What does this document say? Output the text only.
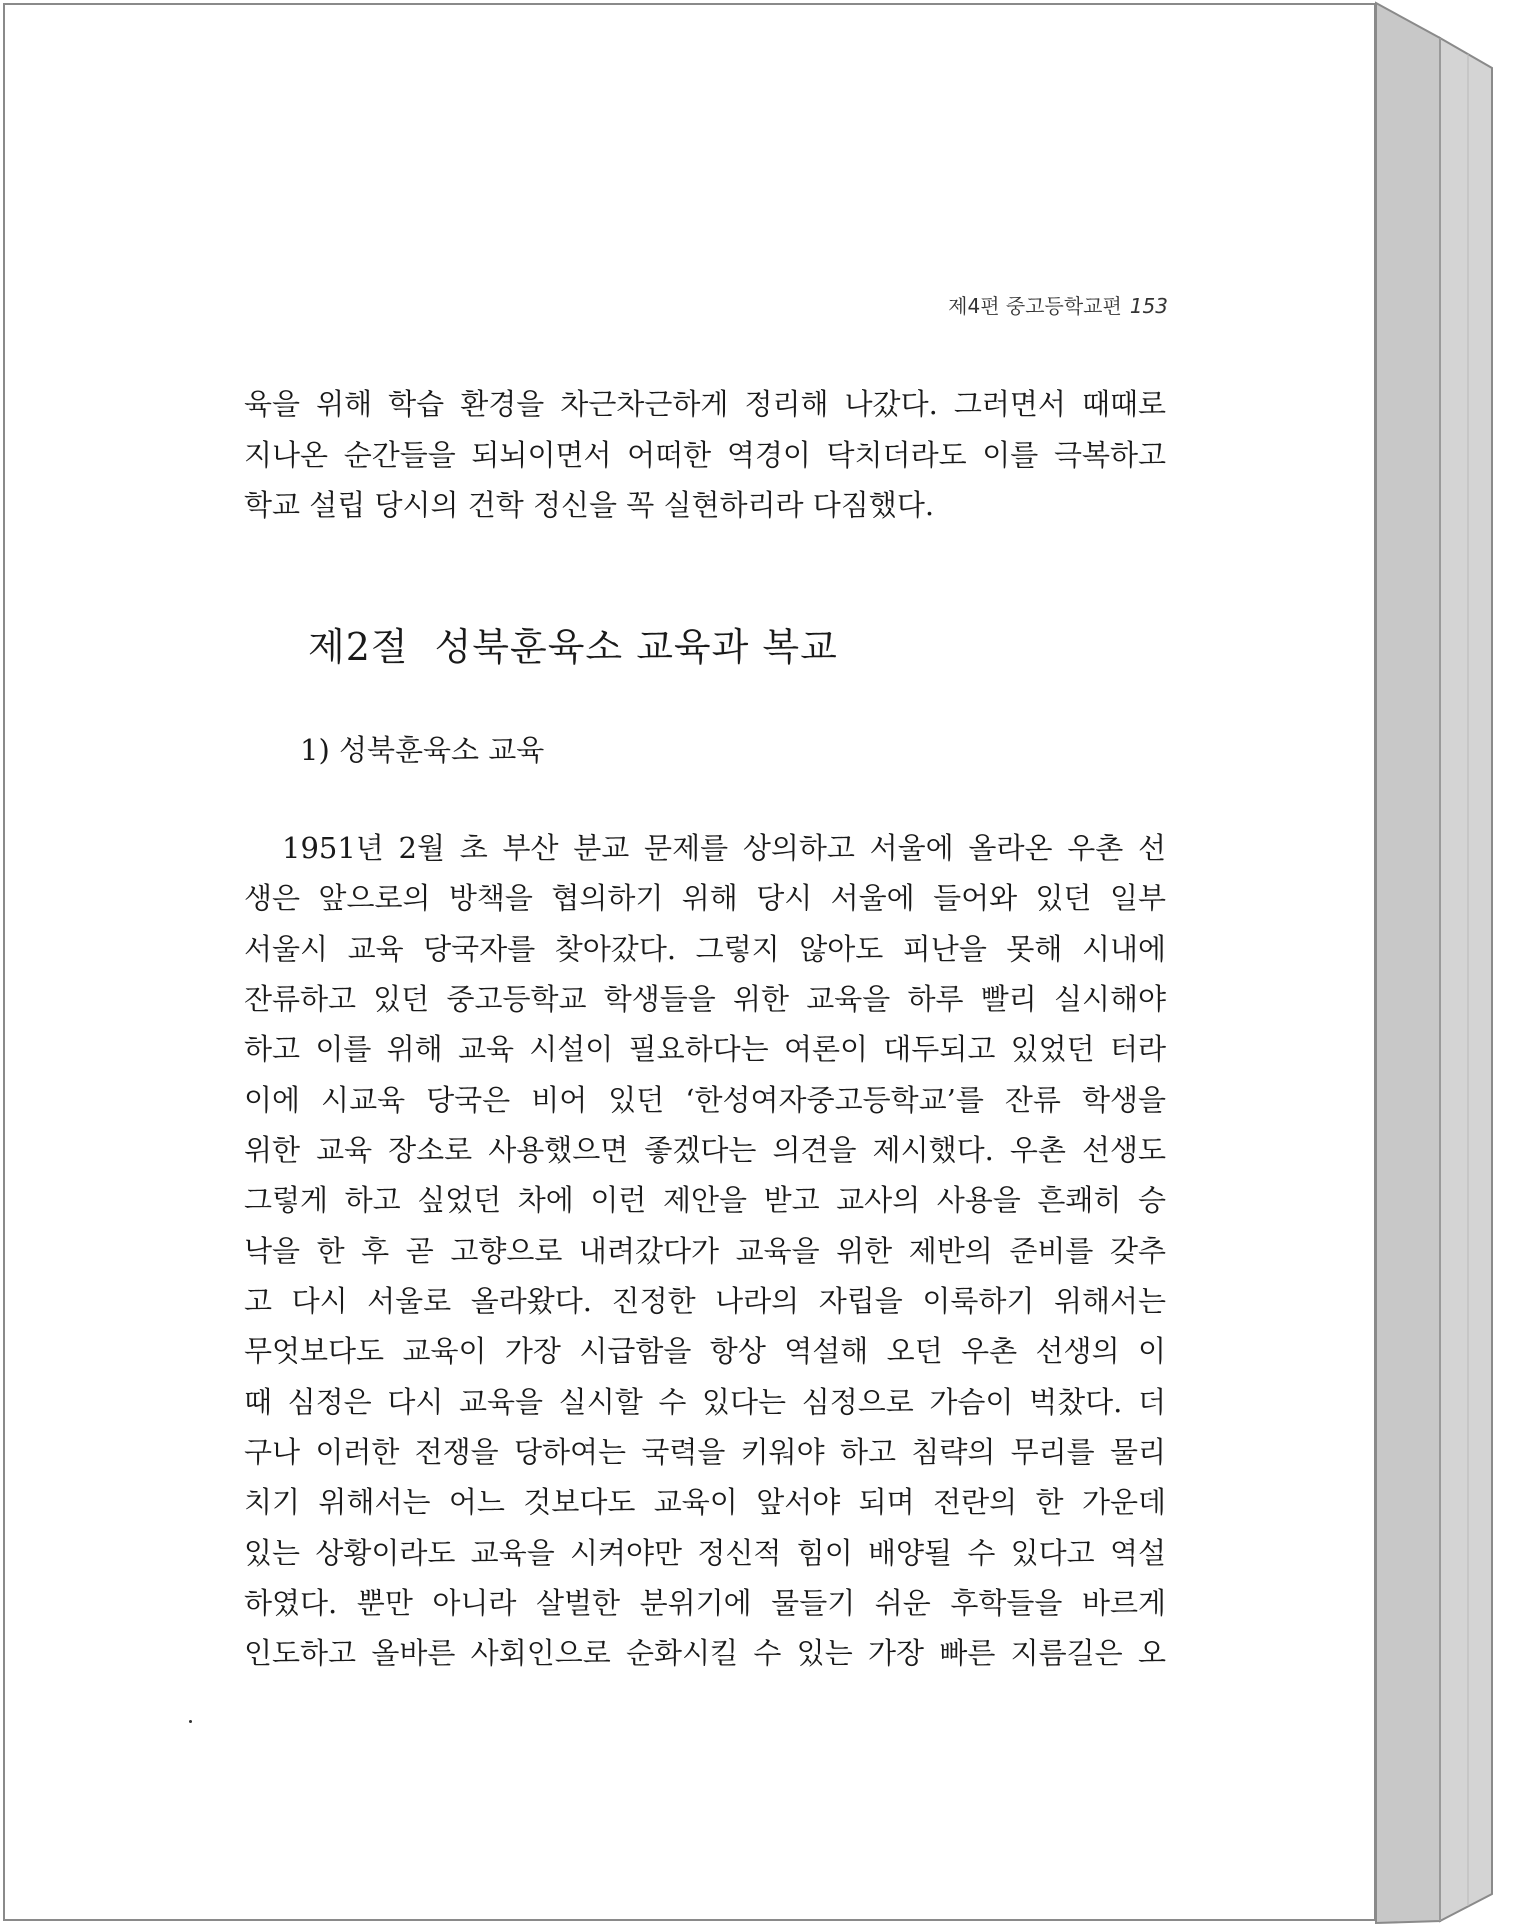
제4편 중고등학교편 153
육을 위해 학습 환경을 차근차근하게 정리해 나갔다. 그러면서 때때로
지나온 순간들을 되뇌이면서 어떠한 역경이 닥치더라도 이를 극복하고
학교 설립 당시의 건학 정신을 꼭 실현하리라 다짐했다.
제2절 성북훈육소 교육과 복교
1) 성북훈육소 교육
1951년 2월 초 부산 분교 문제를 상의하고 서울에 올라온 우촌 선
생은 앞으로의 방책을 협의하기 위해 당시 서울에 들어와 있던 일부
서울시 교육 당국자를 찾아갔다. 그렇지 않아도 피난을 못해 시내에
잔류하고 있던 중고등학교 학생들을 위한 교육을 하루 빨리 실시해야
하고 이를 위해 교육 시설이 필요하다는 여론이 대두되고 있었던 터라
이에 시교육 당국은 비어 있던 ‘한성여자중고등학교’를 잔류 학생을
위한 교육 장소로 사용했으면 좋겠다는 의견을 제시했다. 우촌 선생도
그렇게 하고 싶었던 차에 이런 제안을 받고 교사의 사용을 흔쾌히 승
낙을 한 후 곧 고향으로 내려갔다가 교육을 위한 제반의 준비를 갖추
고 다시 서울로 올라왔다. 진정한 나라의 자립을 이룩하기 위해서는
무엇보다도 교육이 가장 시급함을 항상 역설해 오던 우촌 선생의 이
때 심정은 다시 교육을 실시할 수 있다는 심정으로 가슴이 벅찼다. 더
구나 이러한 전쟁을 당하여는 국력을 키워야 하고 침략의 무리를 물리
치기 위해서는 어느 것보다도 교육이 앞서야 되며 전란의 한 가운데
있는 상황이라도 교육을 시켜야만 정신적 힘이 배양될 수 있다고 역설
하였다. 뿐만 아니라 살벌한 분위기에 물들기 쉬운 후학들을 바르게
인도하고 올바른 사회인으로 순화시킬 수 있는 가장 빠른 지름길은 오
